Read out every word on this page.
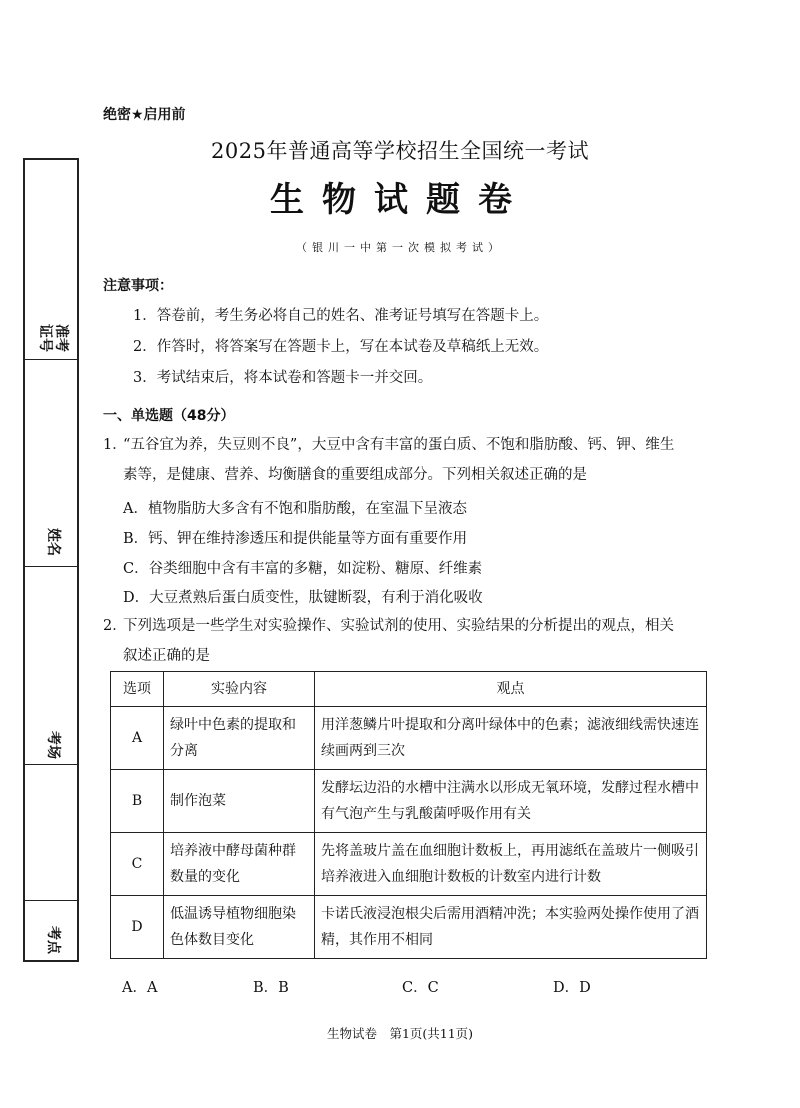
绝密★启用前
2025年普通高等学校招生全国统一考试
生物试题卷
（银川一中第一次模拟考试）
准考证号
姓名
考场
考点
注意事项：
1．答卷前，考生务必将自己的姓名、准考证号填写在答题卡上。
2．作答时，将答案写在答题卡上，写在本试卷及草稿纸上无效。
3．考试结束后，将本试卷和答题卡一并交回。
一、单选题（48分）
1．“五谷宜为养，失豆则不良”，大豆中含有丰富的蛋白质、不饱和脂肪酸、钙、钾、维生
素等，是健康、营养、均衡膳食的重要组成部分。下列相关叙述正确的是
A．植物脂肪大多含有不饱和脂肪酸，在室温下呈液态
B．钙、钾在维持渗透压和提供能量等方面有重要作用
C．谷类细胞中含有丰富的多糖，如淀粉、糖原、纤维素
D．大豆煮熟后蛋白质变性，肽键断裂，有利于消化吸收
2．下列选项是一些学生对实验操作、实验试剂的使用、实验结果的分析提出的观点，相关
叙述正确的是
选项	实验内容	观点
A	绿叶中色素的提取和分离	用洋葱鳞片叶提取和分离叶绿体中的色素；滤液细线需快速连续画两到三次
B	制作泡菜	发酵坛边沿的水槽中注满水以形成无氧环境，发酵过程水槽中有气泡产生与乳酸菌呼吸作用有关
C	培养液中酵母菌种群数量的变化	先将盖玻片盖在血细胞计数板上，再用滤纸在盖玻片一侧吸引培养液进入血细胞计数板的计数室内进行计数
D	低温诱导植物细胞染色体数目变化	卡诺氏液浸泡根尖后需用酒精冲洗；本实验两处操作使用了酒精，其作用不相同
A．A	B．B	C．C	D．D
生物试卷　第1页(共11页)
